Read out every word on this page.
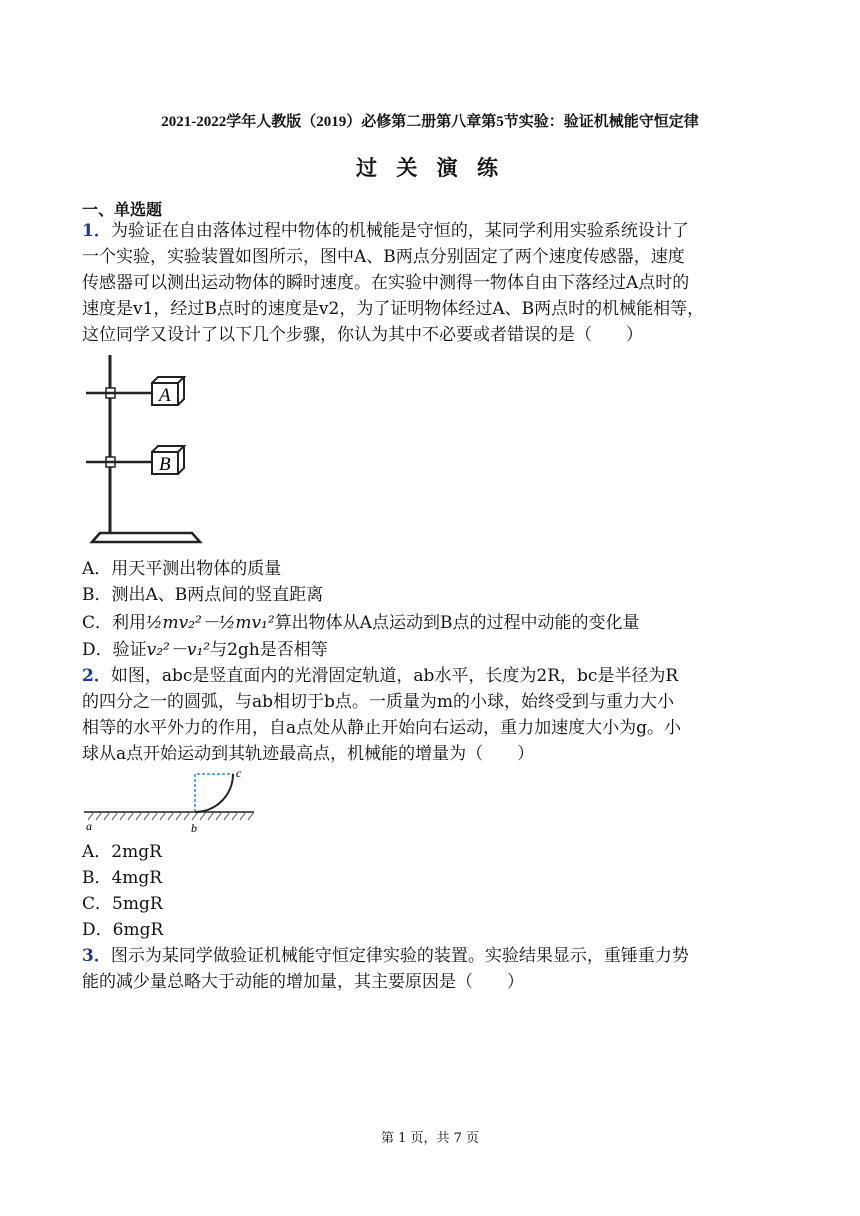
2021-2022学年人教版（2019）必修第二册第八章第5节实验：验证机械能守恒定律
过 关 演 练
一、单选题
1．为验证在自由落体过程中物体的机械能是守恒的，某同学利用实验系统设计了
一个实验，实验装置如图所示，图中A、B两点分别固定了两个速度传感器，速度
传感器可以测出运动物体的瞬时速度。在实验中测得一物体自由下落经过A点时的
速度是v1，经过B点时的速度是v2，为了证明物体经过A、B两点时的机械能相等，
这位同学又设计了以下几个步骤，你认为其中不必要或者错误的是（　　）
A
B
A．用天平测出物体的质量
B．测出A、B两点间的竖直距离
C．利用½mv₂²－½mv₁²算出物体从A点运动到B点的过程中动能的变化量
D．验证v₂²－v₁²与2gh是否相等
2．如图，abc是竖直面内的光滑固定轨道，ab水平，长度为2R，bc是半径为R
的四分之一的圆弧，与ab相切于b点。一质量为m的小球，始终受到与重力大小
相等的水平外力的作用，自a点处从静止开始向右运动，重力加速度大小为g。小
球从a点开始运动到其轨迹最高点，机械能的增量为（　　）
a	b
c
A．2mgR
B．4mgR
C．5mgR
D．6mgR
3．图示为某同学做验证机械能守恒定律实验的装置。实验结果显示，重锤重力势
能的减少量总略大于动能的增加量，其主要原因是（　　）
第 1 页，共 7 页
